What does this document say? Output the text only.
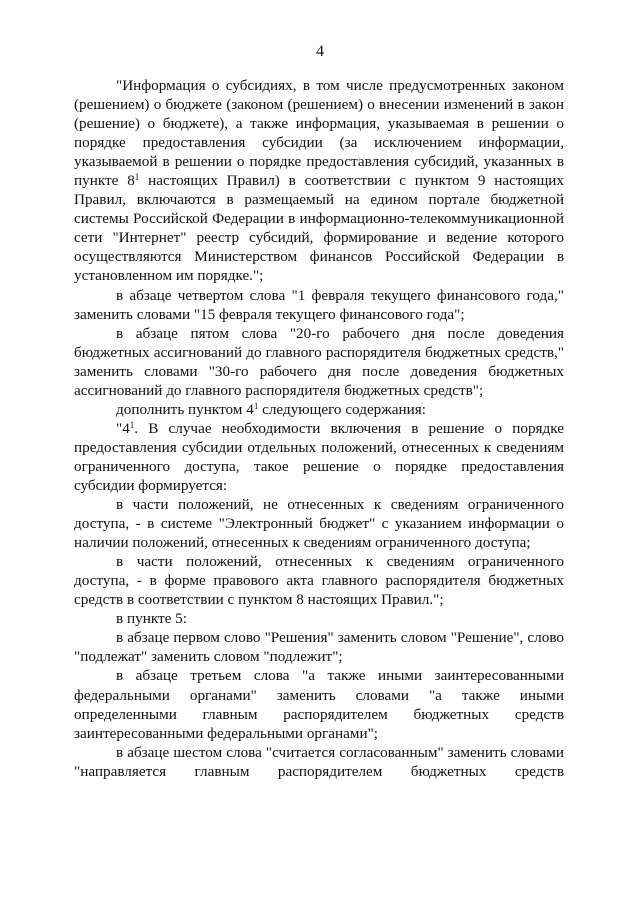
4

"Информация о субсидиях, в том числе предусмотренных законом (решением) о бюджете (законом (решением) о внесении изменений в закон (решение) о бюджете), а также информация, указываемая в решении о порядке предоставления субсидии (за исключением информации, указываемой в решении о порядке предоставления субсидий, указанных в пункте $8^1$ настоящих Правил) в соответствии с пунктом 9 настоящих Правил, включаются в размещаемый на едином портале бюджетной системы Российской Федерации в информационно-телекоммуникационной сети "Интернет" реестр субсидий, формирование и ведение которого осуществляются Министерством финансов Российской Федерации в установленном им порядке.";

в абзаце четвертом слова "1 февраля текущего финансового года," заменить словами "15 февраля текущего финансового года";

в абзаце пятом слова "20-го рабочего дня после доведения бюджетных ассигнований до главного распорядителя бюджетных средств," заменить словами "30-го рабочего дня после доведения бюджетных ассигнований до главного распорядителя бюджетных средств";

дополнить пунктом $4^1$ следующего содержания:

"$4^1$. В случае необходимости включения в решение о порядке предоставления субсидии отдельных положений, отнесенных к сведениям ограниченного доступа, такое решение о порядке предоставления субсидии формируется:

в части положений, не отнесенных к сведениям ограниченного доступа, - в системе "Электронный бюджет" с указанием информации о наличии положений, отнесенных к сведениям ограниченного доступа;

в части положений, отнесенных к сведениям ограниченного доступа, - в форме правового акта главного распорядителя бюджетных средств в соответствии с пунктом 8 настоящих Правил.";

в пункте 5:

в абзаце первом слово "Решения" заменить словом "Решение", слово "подлежат" заменить словом "подлежит";

в абзаце третьем слова "а также иными заинтересованными федеральными органами" заменить словами "а также иными определенными главным распорядителем бюджетных средств заинтересованными федеральными органами";

в абзаце шестом слова "считается согласованным" заменить словами "направляется главным распорядителем бюджетных средств
